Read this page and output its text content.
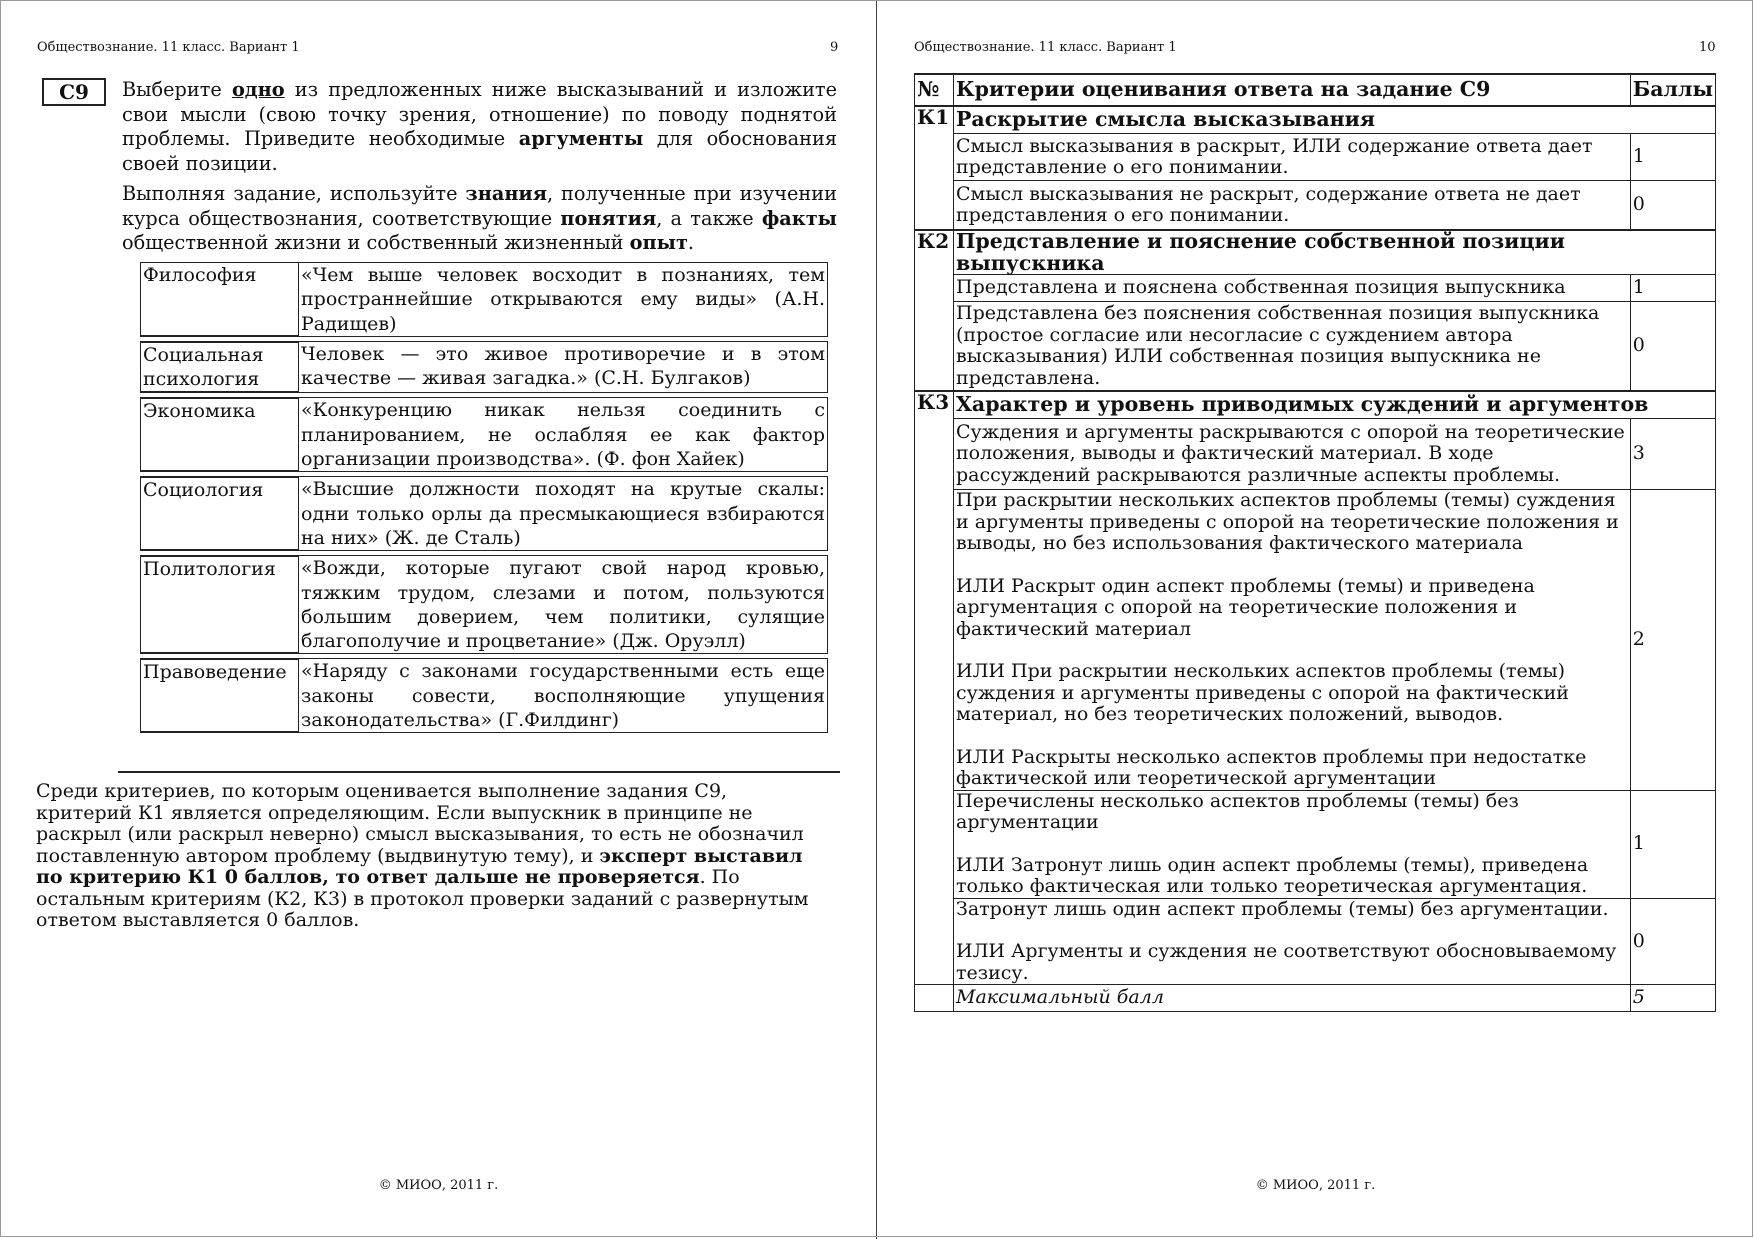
Обществознание. 11 класс. Вариант 1	9
С9	Выберите одно из предложенных ниже высказываний и изложите свои мысли (свою точку зрения, отношение) по поводу поднятой проблемы. Приведите необходимые аргументы для обоснования своей позиции.

Выполняя задание, используйте знания, полученные при изучении курса обществознания, соответствующие понятия, а также факты общественной жизни и собственный жизненный опыт.

Философия	«Чем выше человек восходит в познаниях, тем пространнейшие открываются ему виды» (А.Н. Радищев)
Социальная психология	Человек — это живое противоречие и в этом качестве — живая загадка.» (С.Н. Булгаков)
Экономика	«Конкуренцию никак нельзя соединить с планированием, не ослабляя ее как фактор организации производства». (Ф. фон Хайек)
Социология	«Высшие должности походят на крутые скалы: одни только орлы да пресмыкающиеся взбираются на них» (Ж. де Сталь)
Политология	«Вожди, которые пугают свой народ кровью, тяжким трудом, слезами и потом, пользуются большим доверием, чем политики, сулящие благополучие и процветание» (Дж. Оруэлл)
Правоведение	«Наряду с законами государственными есть еще законы совести, восполняющие упущения законодательства» (Г.Филдинг)
Среди критериев, по которым оценивается выполнение задания С9, критерий К1 является определяющим. Если выпускник в принципе не раскрыл (или раскрыл неверно) смысл высказывания, то есть не обозначил поставленную автором проблему (выдвинутую тему), и эксперт выставил по критерию К1 0 баллов, то ответ дальше не проверяется. По остальным критериям (К2, К3) в протокол проверки заданий с развернутым ответом выставляется 0 баллов.
© МИОО, 2011 г.
Обществознание. 11 класс. Вариант 1	10
№	Критерии оценивания ответа на задание С9	Баллы
К1	Раскрытие смысла высказывания	
	Смысл высказывания в раскрыт, ИЛИ содержание ответа дает представление о его понимании.	1
	Смысл высказывания не раскрыт, содержание ответа не дает представления о его понимании.	0
К2	Представление и пояснение собственной позиции выпускника	
	Представлена и пояснена собственная позиция выпускника	1
	Представлена без пояснения собственная позиция выпускника (простое согласие или несогласие с суждением автора высказывания) ИЛИ собственная позиция выпускника не представлена.	0
К3	Характер и уровень приводимых суждений и аргументов	
	Суждения и аргументы раскрываются с опорой на теоретические положения, выводы и фактический материал. В ходе рассуждений раскрываются различные аспекты проблемы.	3
	При раскрытии нескольких аспектов проблемы (темы) суждения и аргументы приведены с опорой на теоретические положения и выводы, но без использования фактического материала
ИЛИ Раскрыт один аспект проблемы (темы) и приведена аргументация с опорой на теоретические положения и фактический материал
ИЛИ При раскрытии нескольких аспектов проблемы (темы) суждения и аргументы приведены с опорой на фактический материал, но без теоретических положений, выводов.
ИЛИ Раскрыты несколько аспектов проблемы при недостатке фактической или теоретической аргументации	2
	Перечислены несколько аспектов проблемы (темы) без аргументации
ИЛИ Затронут лишь один аспект проблемы (темы), приведена только фактическая или только теоретическая аргументация.	1
	Затронут лишь один аспект проблемы (темы) без аргументации.
ИЛИ Аргументы и суждения не соответствуют обосновываемому тезису.	0
	Максимальный балл	5
© МИОО, 2011 г.
